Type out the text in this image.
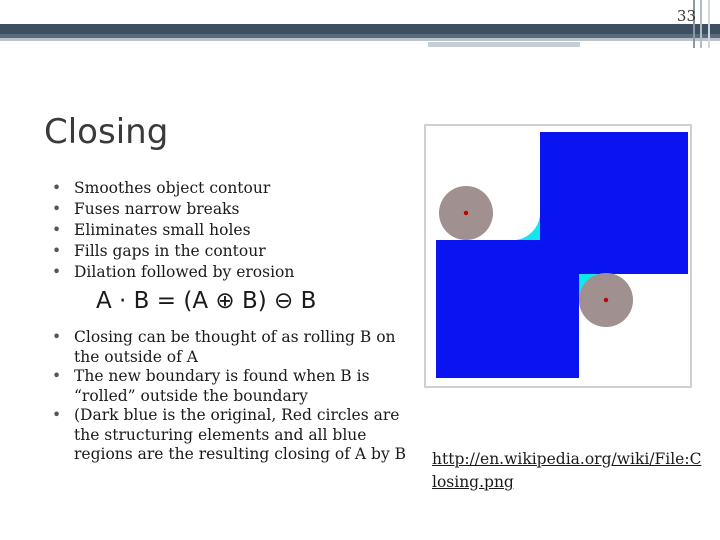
33
Closing
• Smoothes object contour
• Fuses narrow breaks
• Eliminates small holes
• Fills gaps in the contour
• Dilation followed by erosion
A · B = (A ⊕ B) ⊖ B
• Closing can be thought of as rolling B on the outside of A
• The new boundary is found when B is “rolled” outside the boundary
• (Dark blue is the original, Red circles are the structuring elements and all blue regions are the resulting closing of A by B	http://en.wikipedia.org/wiki/File:Closing.png
